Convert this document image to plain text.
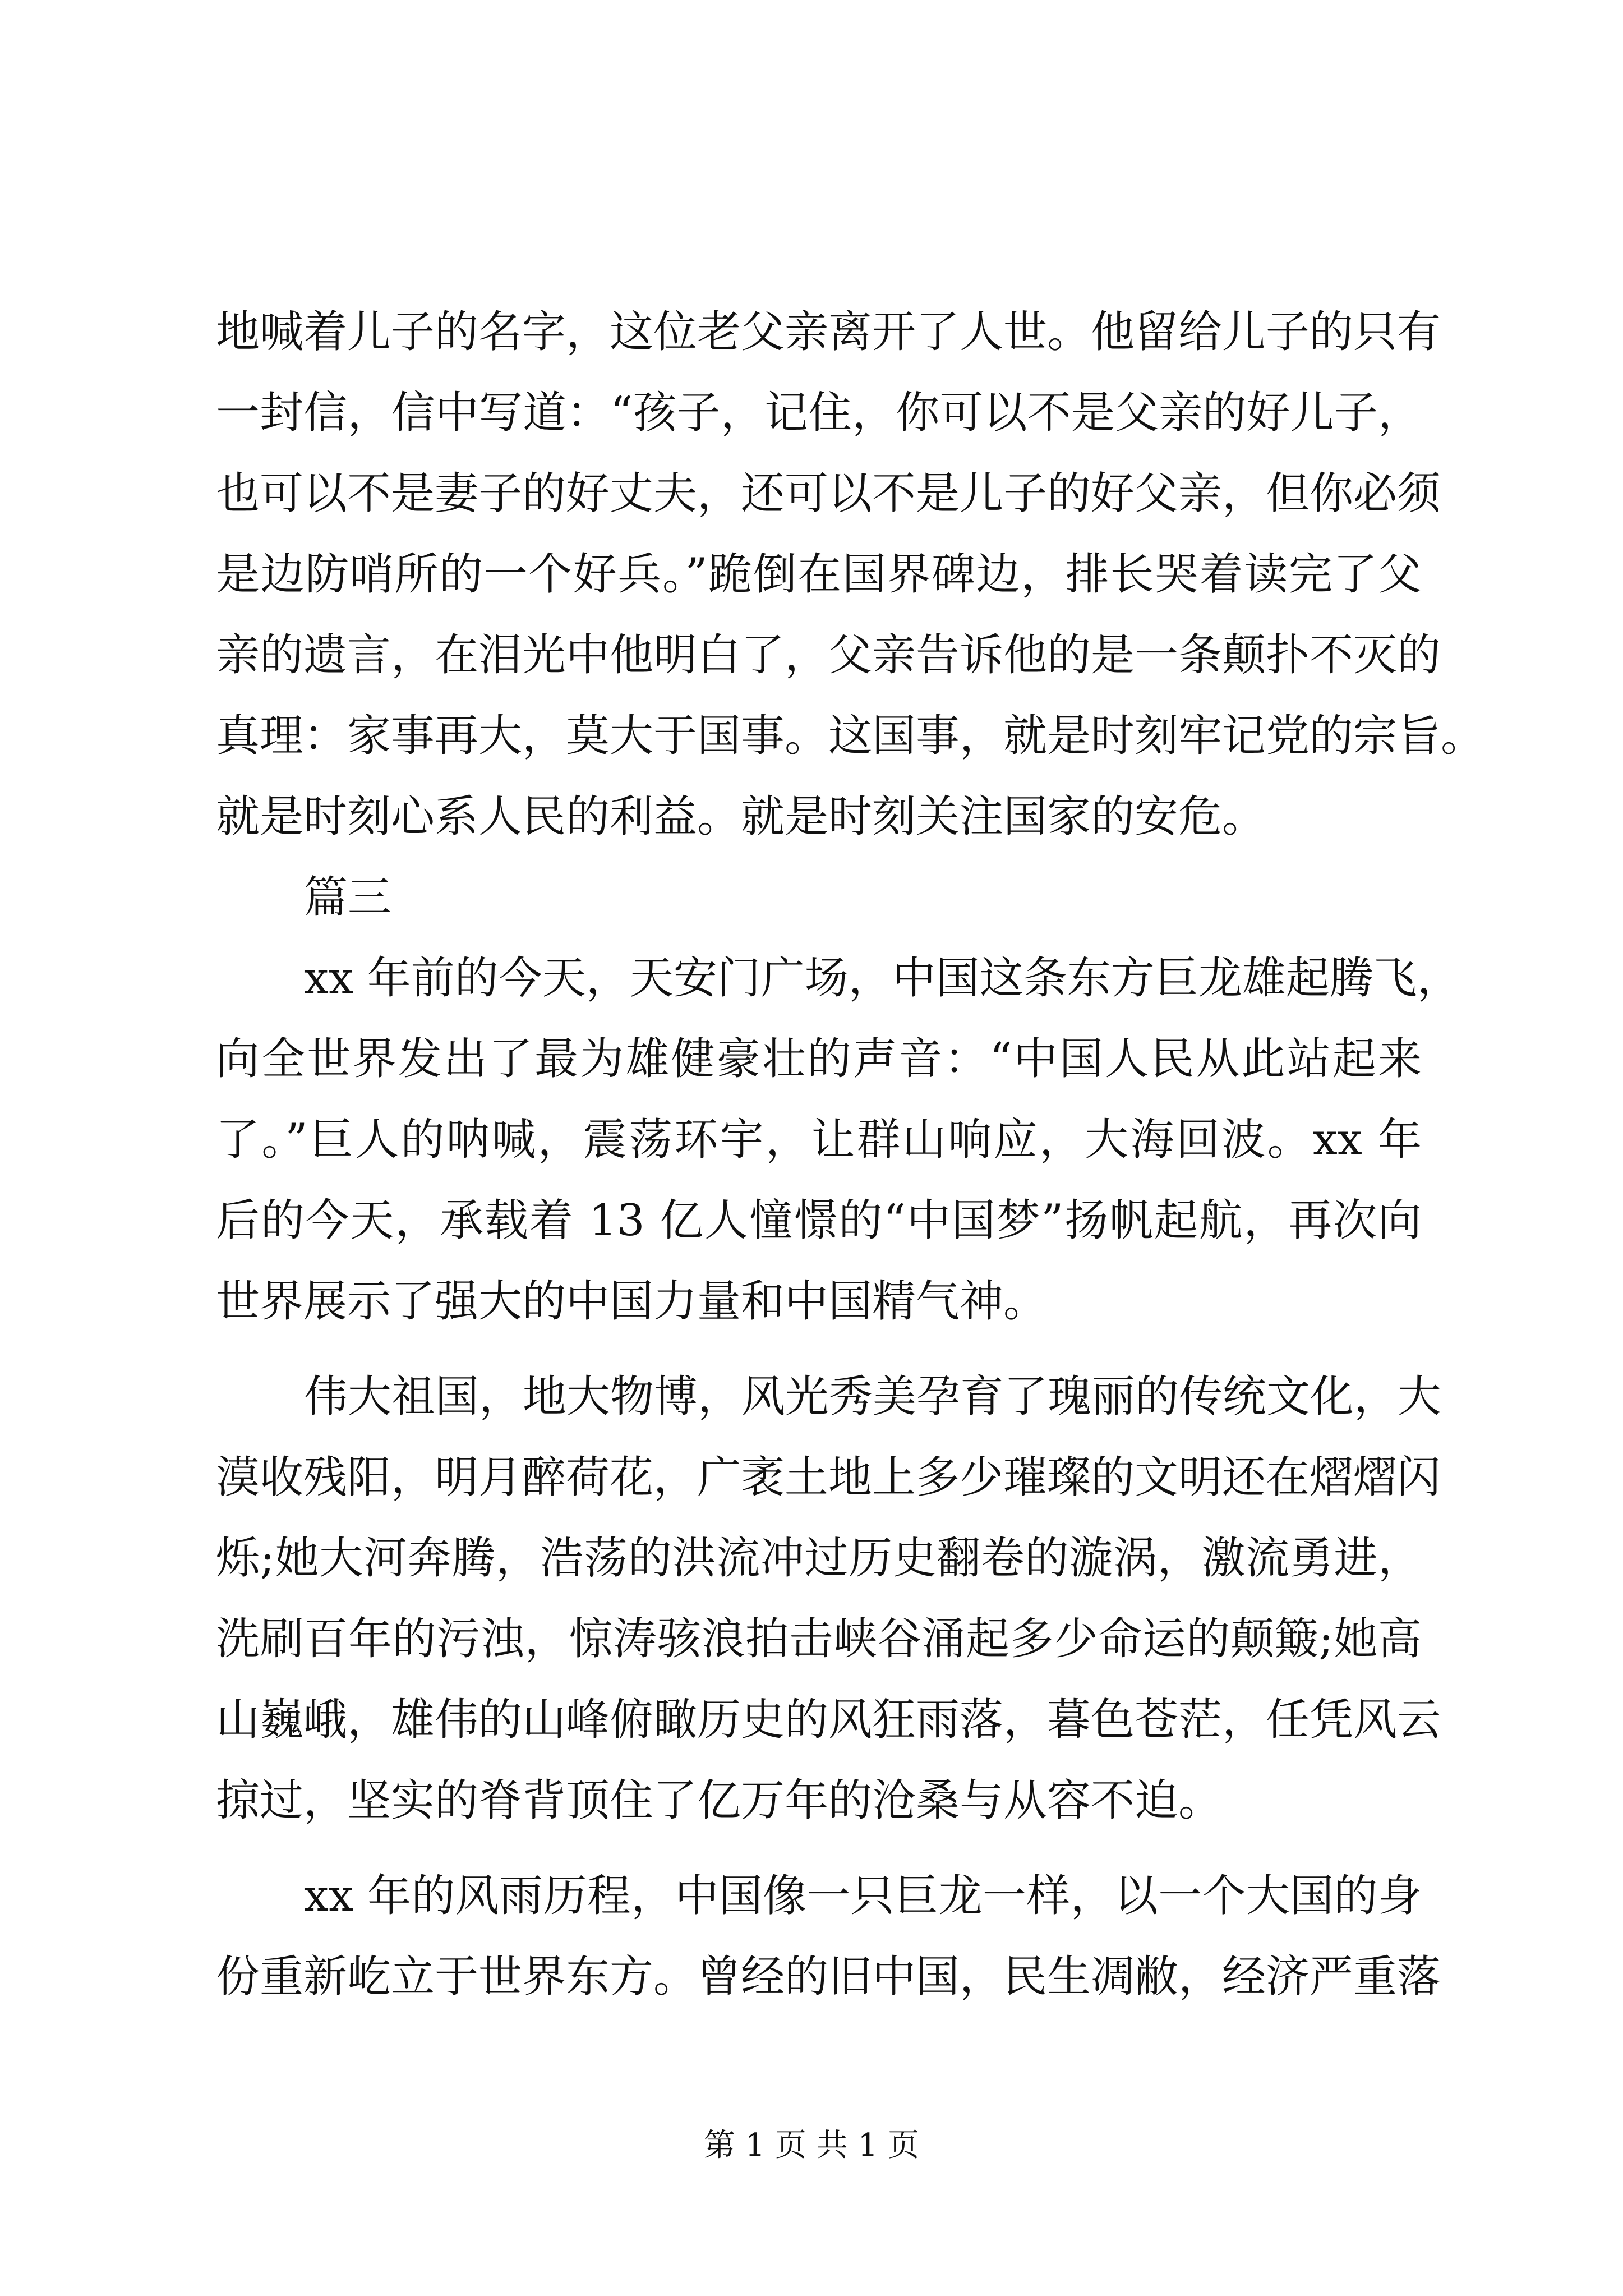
地喊着儿子的名字，这位老父亲离开了人世。他留给儿子的只有
一封信，信中写道：“孩子，记住，你可以不是父亲的好儿子，
也可以不是妻子的好丈夫，还可以不是儿子的好父亲，但你必须
是边防哨所的一个好兵。”跪倒在国界碑边，排长哭着读完了父
亲的遗言，在泪光中他明白了，父亲告诉他的是一条颠扑不灭的
真理：家事再大，莫大于国事。这国事，就是时刻牢记党的宗旨。
就是时刻心系人民的利益。就是时刻关注国家的安危。
篇三
xx 年前的今天，天安门广场，中国这条东方巨龙雄起腾飞，
向全世界发出了最为雄健豪壮的声音：“中国人民从此站起来
了。”巨人的呐喊，震荡环宇，让群山响应，大海回波。xx 年
后的今天，承载着 13 亿人憧憬的“中国梦”扬帆起航，再次向
世界展示了强大的中国力量和中国精气神。
伟大祖国，地大物博，风光秀美孕育了瑰丽的传统文化，大
漠收残阳，明月醉荷花，广袤土地上多少璀璨的文明还在熠熠闪
烁;她大河奔腾，浩荡的洪流冲过历史翻卷的漩涡，激流勇进，
洗刷百年的污浊，惊涛骇浪拍击峡谷涌起多少命运的颠簸;她高
山巍峨，雄伟的山峰俯瞰历史的风狂雨落，暮色苍茫，任凭风云
掠过，坚实的脊背顶住了亿万年的沧桑与从容不迫。
xx 年的风雨历程，中国像一只巨龙一样，以一个大国的身
份重新屹立于世界东方。曾经的旧中国，民生凋敝，经济严重落
第 1 页 共 1 页
